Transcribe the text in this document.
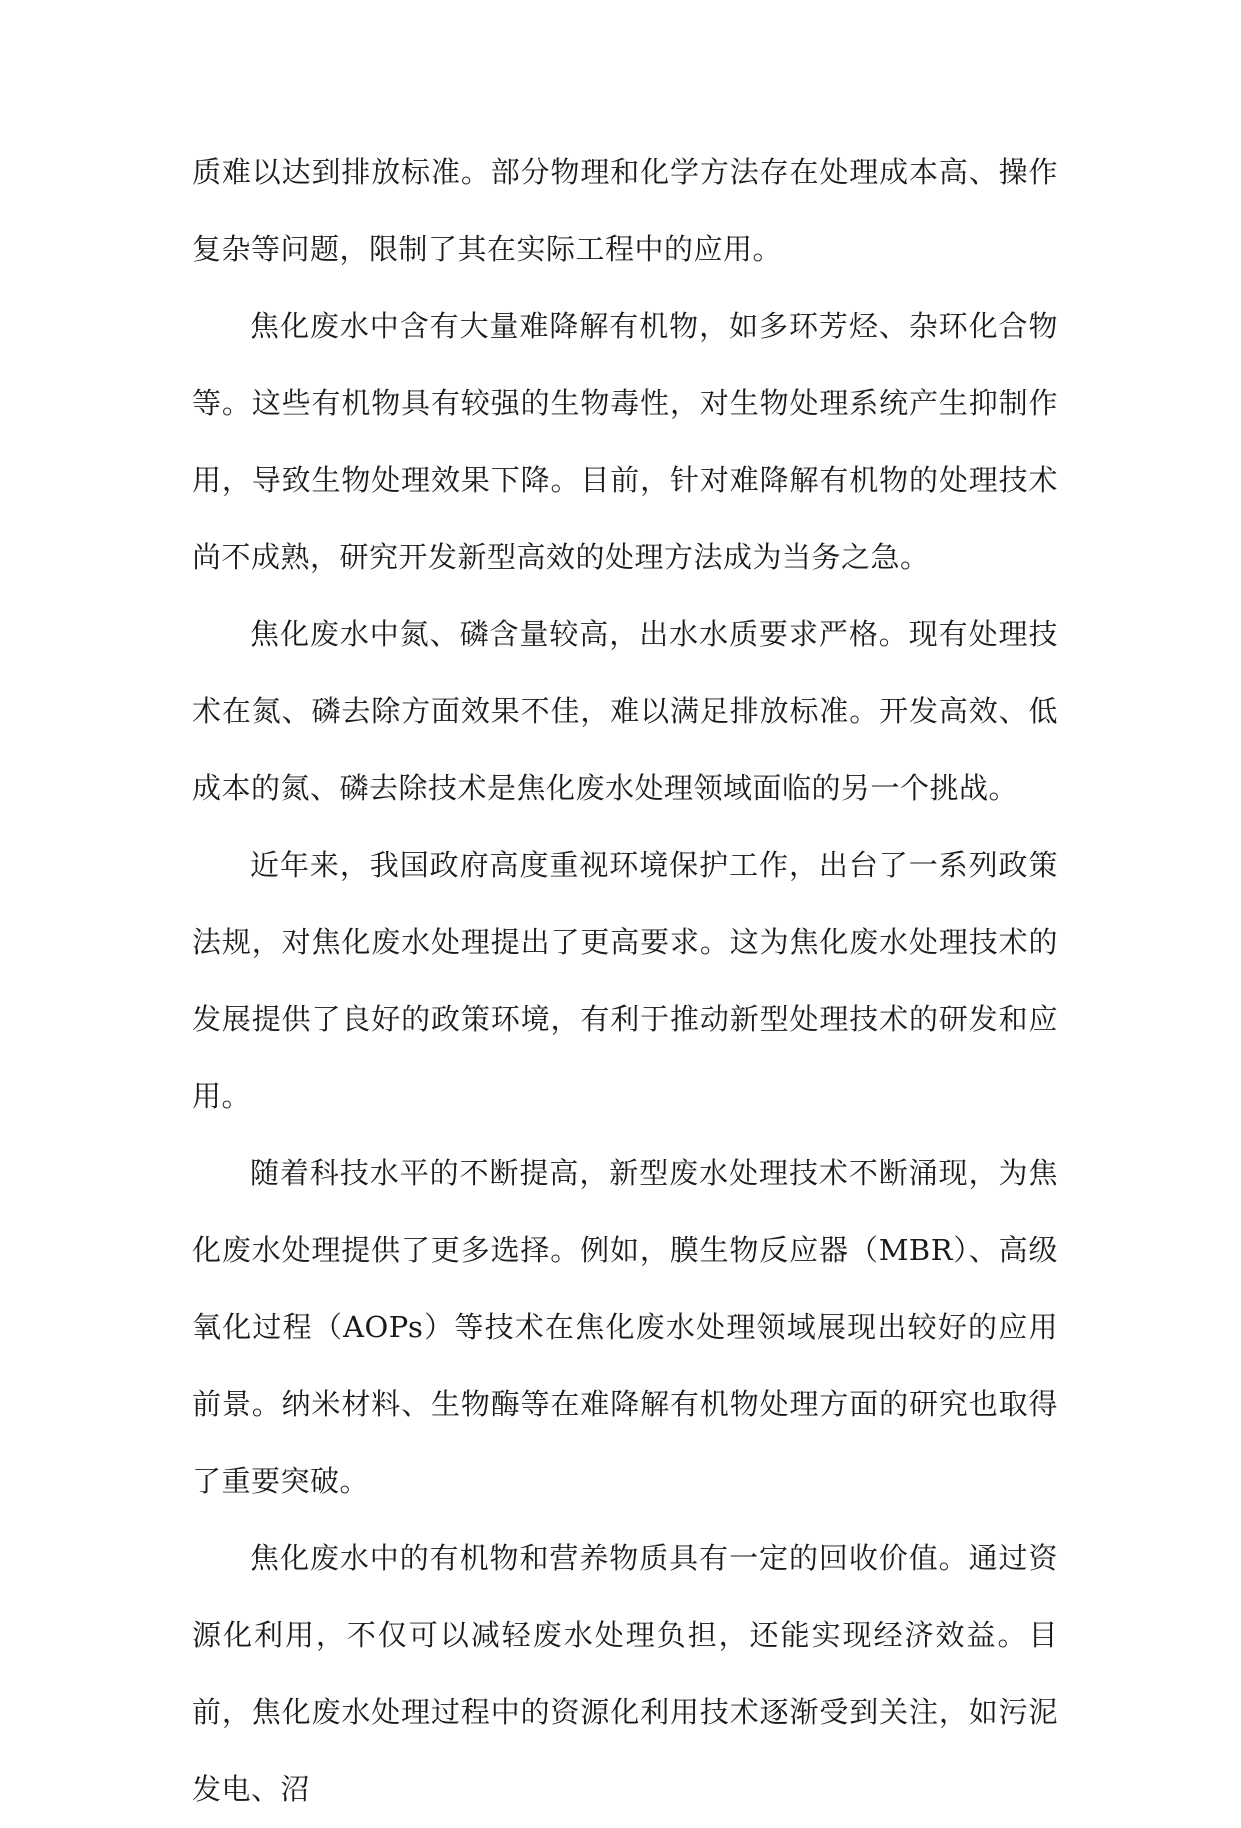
质难以达到排放标准。部分物理和化学方法存在处理成本高、操作复杂等问题，限制了其在实际工程中的应用。

焦化废水中含有大量难降解有机物，如多环芳烃、杂环化合物等。这些有机物具有较强的生物毒性，对生物处理系统产生抑制作用，导致生物处理效果下降。目前，针对难降解有机物的处理技术尚不成熟，研究开发新型高效的处理方法成为当务之急。

焦化废水中氮、磷含量较高，出水水质要求严格。现有处理技术在氮、磷去除方面效果不佳，难以满足排放标准。开发高效、低成本的氮、磷去除技术是焦化废水处理领域面临的另一个挑战。

近年来，我国政府高度重视环境保护工作，出台了一系列政策法规，对焦化废水处理提出了更高要求。这为焦化废水处理技术的发展提供了良好的政策环境，有利于推动新型处理技术的研发和应用。

随着科技水平的不断提高，新型废水处理技术不断涌现，为焦化废水处理提供了更多选择。例如，膜生物反应器（MBR）、高级氧化过程（AOPs）等技术在焦化废水处理领域展现出较好的应用前景。纳米材料、生物酶等在难降解有机物处理方面的研究也取得了重要突破。

焦化废水中的有机物和营养物质具有一定的回收价值。通过资源化利用，不仅可以减轻废水处理负担，还能实现经济效益。目前，焦化废水处理过程中的资源化利用技术逐渐受到关注，如污泥发电、沼
